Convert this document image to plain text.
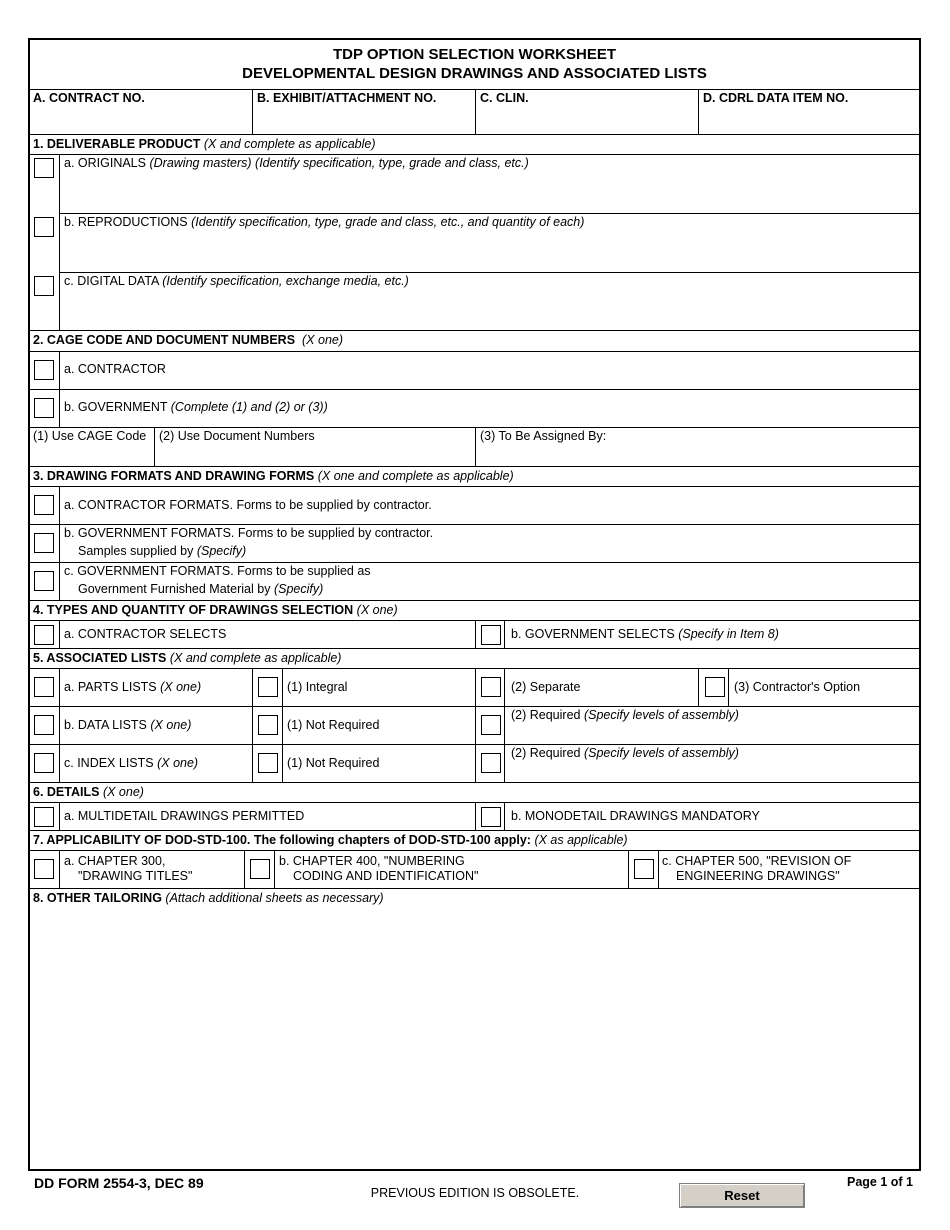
TDP OPTION SELECTION WORKSHEET
DEVELOPMENTAL DESIGN DRAWINGS AND ASSOCIATED LISTS
A. CONTRACT NO.	B. EXHIBIT/ATTACHMENT NO.	C. CLIN.	D. CDRL DATA ITEM NO.
1. DELIVERABLE PRODUCT (X and complete as applicable)
a. ORIGINALS (Drawing masters) (Identify specification, type, grade and class, etc.)
b. REPRODUCTIONS (Identify specification, type, grade and class, etc., and quantity of each)
c. DIGITAL DATA (Identify specification, exchange media, etc.)
2. CAGE CODE AND DOCUMENT NUMBERS (X one)
a. CONTRACTOR
b. GOVERNMENT (Complete (1) and (2) or (3))
(1) Use CAGE Code (2) Use Document Numbers	(3) To Be Assigned By:
3. DRAWING FORMATS AND DRAWING FORMS (X one and complete as applicable)
a. CONTRACTOR FORMATS. Forms to be supplied by contractor.
b. GOVERNMENT FORMATS. Forms to be supplied by contractor.
Samples supplied by (Specify)
c. GOVERNMENT FORMATS. Forms to be supplied as
Government Furnished Material by (Specify)
4. TYPES AND QUANTITY OF DRAWINGS SELECTION (X one)
a. CONTRACTOR SELECTS	b. GOVERNMENT SELECTS (Specify in Item 8)
5. ASSOCIATED LISTS (X and complete as applicable)
a. PARTS LISTS (X one)	(1) Integral	(2) Separate	(3) Contractor's Option
b. DATA LISTS (X one)	(1) Not Required
(2) Required (Specify levels of assembly)
c. INDEX LISTS (X one)	(1) Not Required
(2) Required (Specify levels of assembly)
6. DETAILS (X one)
a. MULTIDETAIL DRAWINGS PERMITTED	b. MONODETAIL DRAWINGS MANDATORY
7. APPLICABILITY OF DOD-STD-100. The following chapters of DOD-STD-100 apply: (X as applicable)
a. CHAPTER 300,
"DRAWING TITLES"
b. CHAPTER 400, "NUMBERING
CODING AND IDENTIFICATION"
c. CHAPTER 500, "REVISION OF
ENGINEERING DRAWINGS"
8. OTHER TAILORING (Attach additional sheets as necessary)
DD FORM 2554-3, DEC 89
PREVIOUS EDITION IS OBSOLETE.
Page 1 of 1
Reset
